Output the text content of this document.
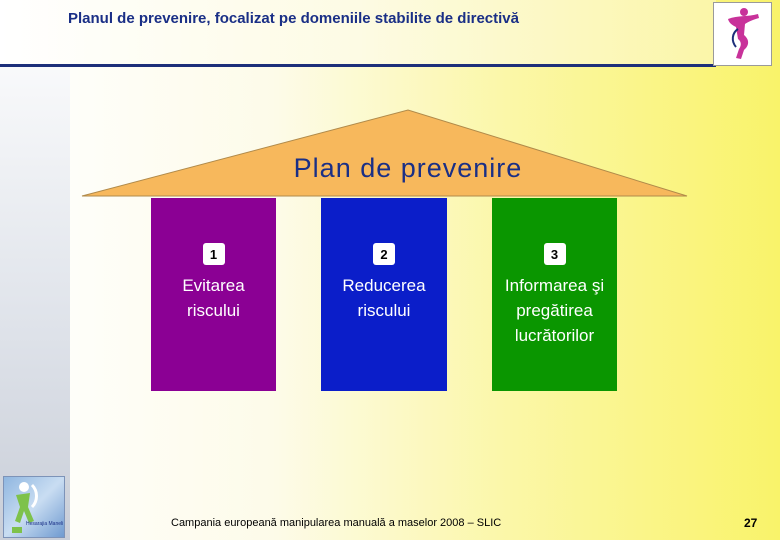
Planul de prevenire, focalizat pe domeniile stabilite de directivă
Plan de prevenire
1
Evitarea riscului
2
Reducerea riscului
3
Informarea şi pregătirea lucrătorilor
Hesarajia Maneli	Campania europeană manipularea manuală a maselor 2008 – SLIC	27
